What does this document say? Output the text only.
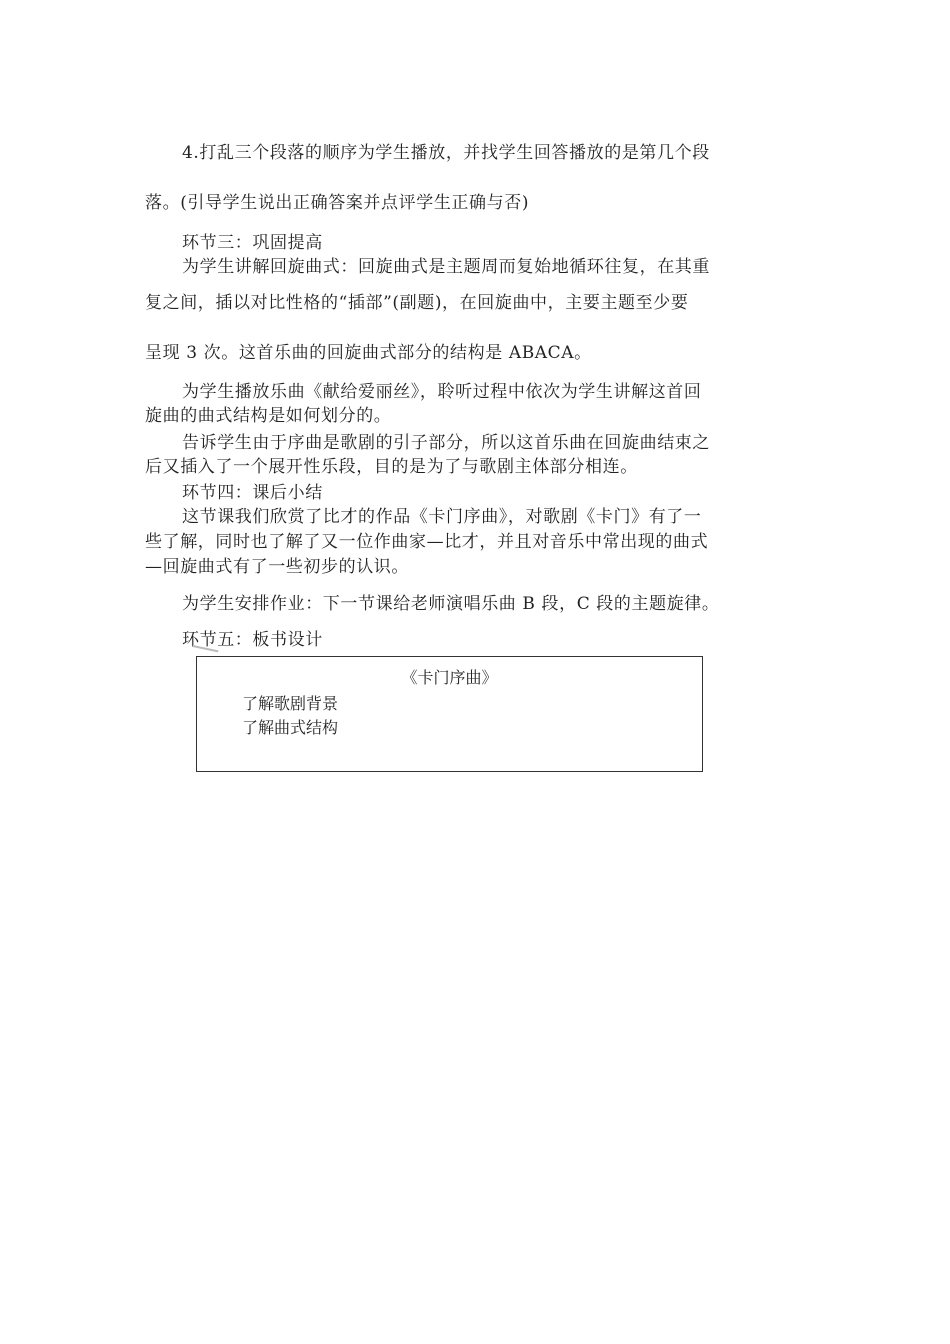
4.打乱三个段落的顺序为学生播放，并找学生回答播放的是第几个段
落。(引导学生说出正确答案并点评学生正确与否)
环节三：巩固提高
为学生讲解回旋曲式：回旋曲式是主题周而复始地循环往复，在其重
复之间，插以对比性格的“插部”(副题)，在回旋曲中，主要主题至少要
呈现 3 次。这首乐曲的回旋曲式部分的结构是 ABACA。
为学生播放乐曲《献给爱丽丝》，聆听过程中依次为学生讲解这首回
旋曲的曲式结构是如何划分的。
告诉学生由于序曲是歌剧的引子部分，所以这首乐曲在回旋曲结束之
后又插入了一个展开性乐段，目的是为了与歌剧主体部分相连。
环节四：课后小结
这节课我们欣赏了比才的作品《卡门序曲》，对歌剧《卡门》有了一
些了解，同时也了解了又一位作曲家—比才，并且对音乐中常出现的曲式
—回旋曲式有了一些初步的认识。
为学生安排作业：下一节课给老师演唱乐曲 B 段，C 段的主题旋律。
环节五：板书设计
《卡门序曲》
了解歌剧背景
了解曲式结构
